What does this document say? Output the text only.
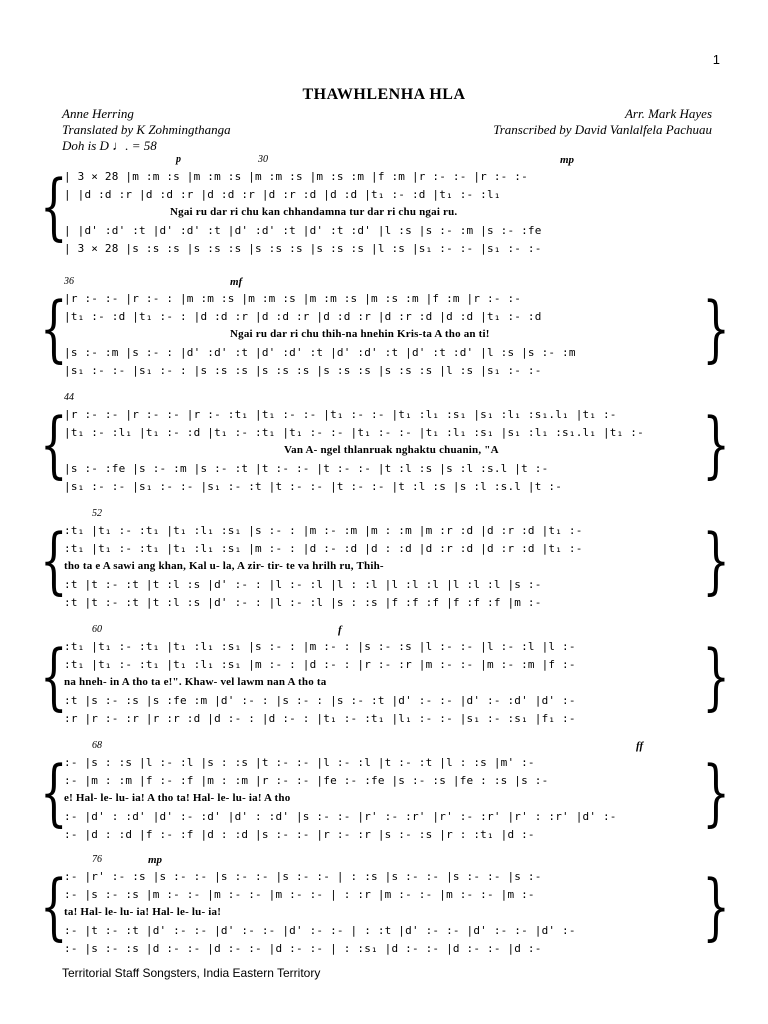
1
THAWHLENHA HLA
Anne Herring	Arr. Mark Hayes
Translated by K Zohmingthanga	Transcribed by David Vanlalfela Pachuau
Doh is D ♩. = 58
{
p	30	mp
| 3 × 28 |m :m :s |m :m :s |m :m :s |m :s :m |f :m |r :- :- |r :- :-
| |d :d :r |d :d :r |d :d :r |d :r :d |d :d |t₁ :- :d |t₁ :- :l₁
Ngai ru dar ri chu kan chhandamna tur dar ri chu ngai ru.
| |d' :d' :t |d' :d' :t |d' :d' :t |d' :t :d' |l :s |s :- :m |s :- :fe
| 3 × 28 |s :s :s |s :s :s |s :s :s |s :s :s |l :s |s₁ :- :- |s₁ :- :-
{	}
36	mf
|r :- :- |r :- : |m :m :s |m :m :s |m :m :s |m :s :m |f :m |r :- :-
|t₁ :- :d |t₁ :- : |d :d :r |d :d :r |d :d :r |d :r :d |d :d |t₁ :- :d
Ngai ru dar ri chu thih-na hnehin Kris-ta A tho an ti!
|s :- :m |s :- : |d' :d' :t |d' :d' :t |d' :d' :t |d' :t :d' |l :s |s :- :m
|s₁ :- :- |s₁ :- : |s :s :s |s :s :s |s :s :s |s :s :s |l :s |s₁ :- :-
{	}
44
|r :- :- |r :- :- |r :- :t₁ |t₁ :- :- |t₁ :- :- |t₁ :l₁ :s₁ |s₁ :l₁ :s₁.l₁ |t₁ :-
|t₁ :- :l₁ |t₁ :- :d |t₁ :- :t₁ |t₁ :- :- |t₁ :- :- |t₁ :l₁ :s₁ |s₁ :l₁ :s₁.l₁ |t₁ :-
Van A- ngel thlanruak nghaktu chuanin, "A
|s :- :fe |s :- :m |s :- :t |t :- :- |t :- :- |t :l :s |s :l :s.l |t :-
|s₁ :- :- |s₁ :- :- |s₁ :- :t |t :- :- |t :- :- |t :l :s |s :l :s.l |t :-
{	}
52
:t₁ |t₁ :- :t₁ |t₁ :l₁ :s₁ |s :- : |m :- :m |m : :m |m :r :d |d :r :d |t₁ :-
:t₁ |t₁ :- :t₁ |t₁ :l₁ :s₁ |m :- : |d :- :d |d : :d |d :r :d |d :r :d |t₁ :-
tho ta e A sawi ang khan, Kal u- la, A zir- tir- te va hrilh ru, Thih-
:t |t :- :t |t :l :s |d' :- : |l :- :l |l : :l |l :l :l |l :l :l |s :-
:t |t :- :t |t :l :s |d' :- : |l :- :l |s : :s |f :f :f |f :f :f |m :-
{	}
60	f
:t₁ |t₁ :- :t₁ |t₁ :l₁ :s₁ |s :- : |m :- : |s :- :s |l :- :- |l :- :l |l :-
:t₁ |t₁ :- :t₁ |t₁ :l₁ :s₁ |m :- : |d :- : |r :- :r |m :- :- |m :- :m |f :-
na hneh- in A tho ta e!". Khaw- vel lawm nan A tho ta
:t |s :- :s |s :fe :m |d' :- : |s :- : |s :- :t |d' :- :- |d' :- :d' |d' :-
:r |r :- :r |r :r :d |d :- : |d :- : |t₁ :- :t₁ |l₁ :- :- |s₁ :- :s₁ |f₁ :-
{	}
68	ff
:- |s : :s |l :- :l |s : :s |t :- :- |l :- :l |t :- :t |l : :s |m' :-
:- |m : :m |f :- :f |m : :m |r :- :- |fe :- :fe |s :- :s |fe : :s |s :-
e! Hal- le- lu- ia! A tho ta! Hal- le- lu- ia! A tho
:- |d' : :d' |d' :- :d' |d' : :d' |s :- :- |r' :- :r' |r' :- :r' |r' : :r' |d' :-
:- |d : :d |f :- :f |d : :d |s :- :- |r :- :r |s :- :s |r : :t₁ |d :-
{	}
76	mp
:- |r' :- :s |s :- :- |s :- :- |s :- :- | : :s |s :- :- |s :- :- |s :-
:- |s :- :s |m :- :- |m :- :- |m :- :- | : :r |m :- :- |m :- :- |m :-
ta! Hal- le- lu- ia! Hal- le- lu- ia!
:- |t :- :t |d' :- :- |d' :- :- |d' :- :- | : :t |d' :- :- |d' :- :- |d' :-
:- |s :- :s |d :- :- |d :- :- |d :- :- | : :s₁ |d :- :- |d :- :- |d :-
Territorial Staff Songsters, India Eastern Territory
